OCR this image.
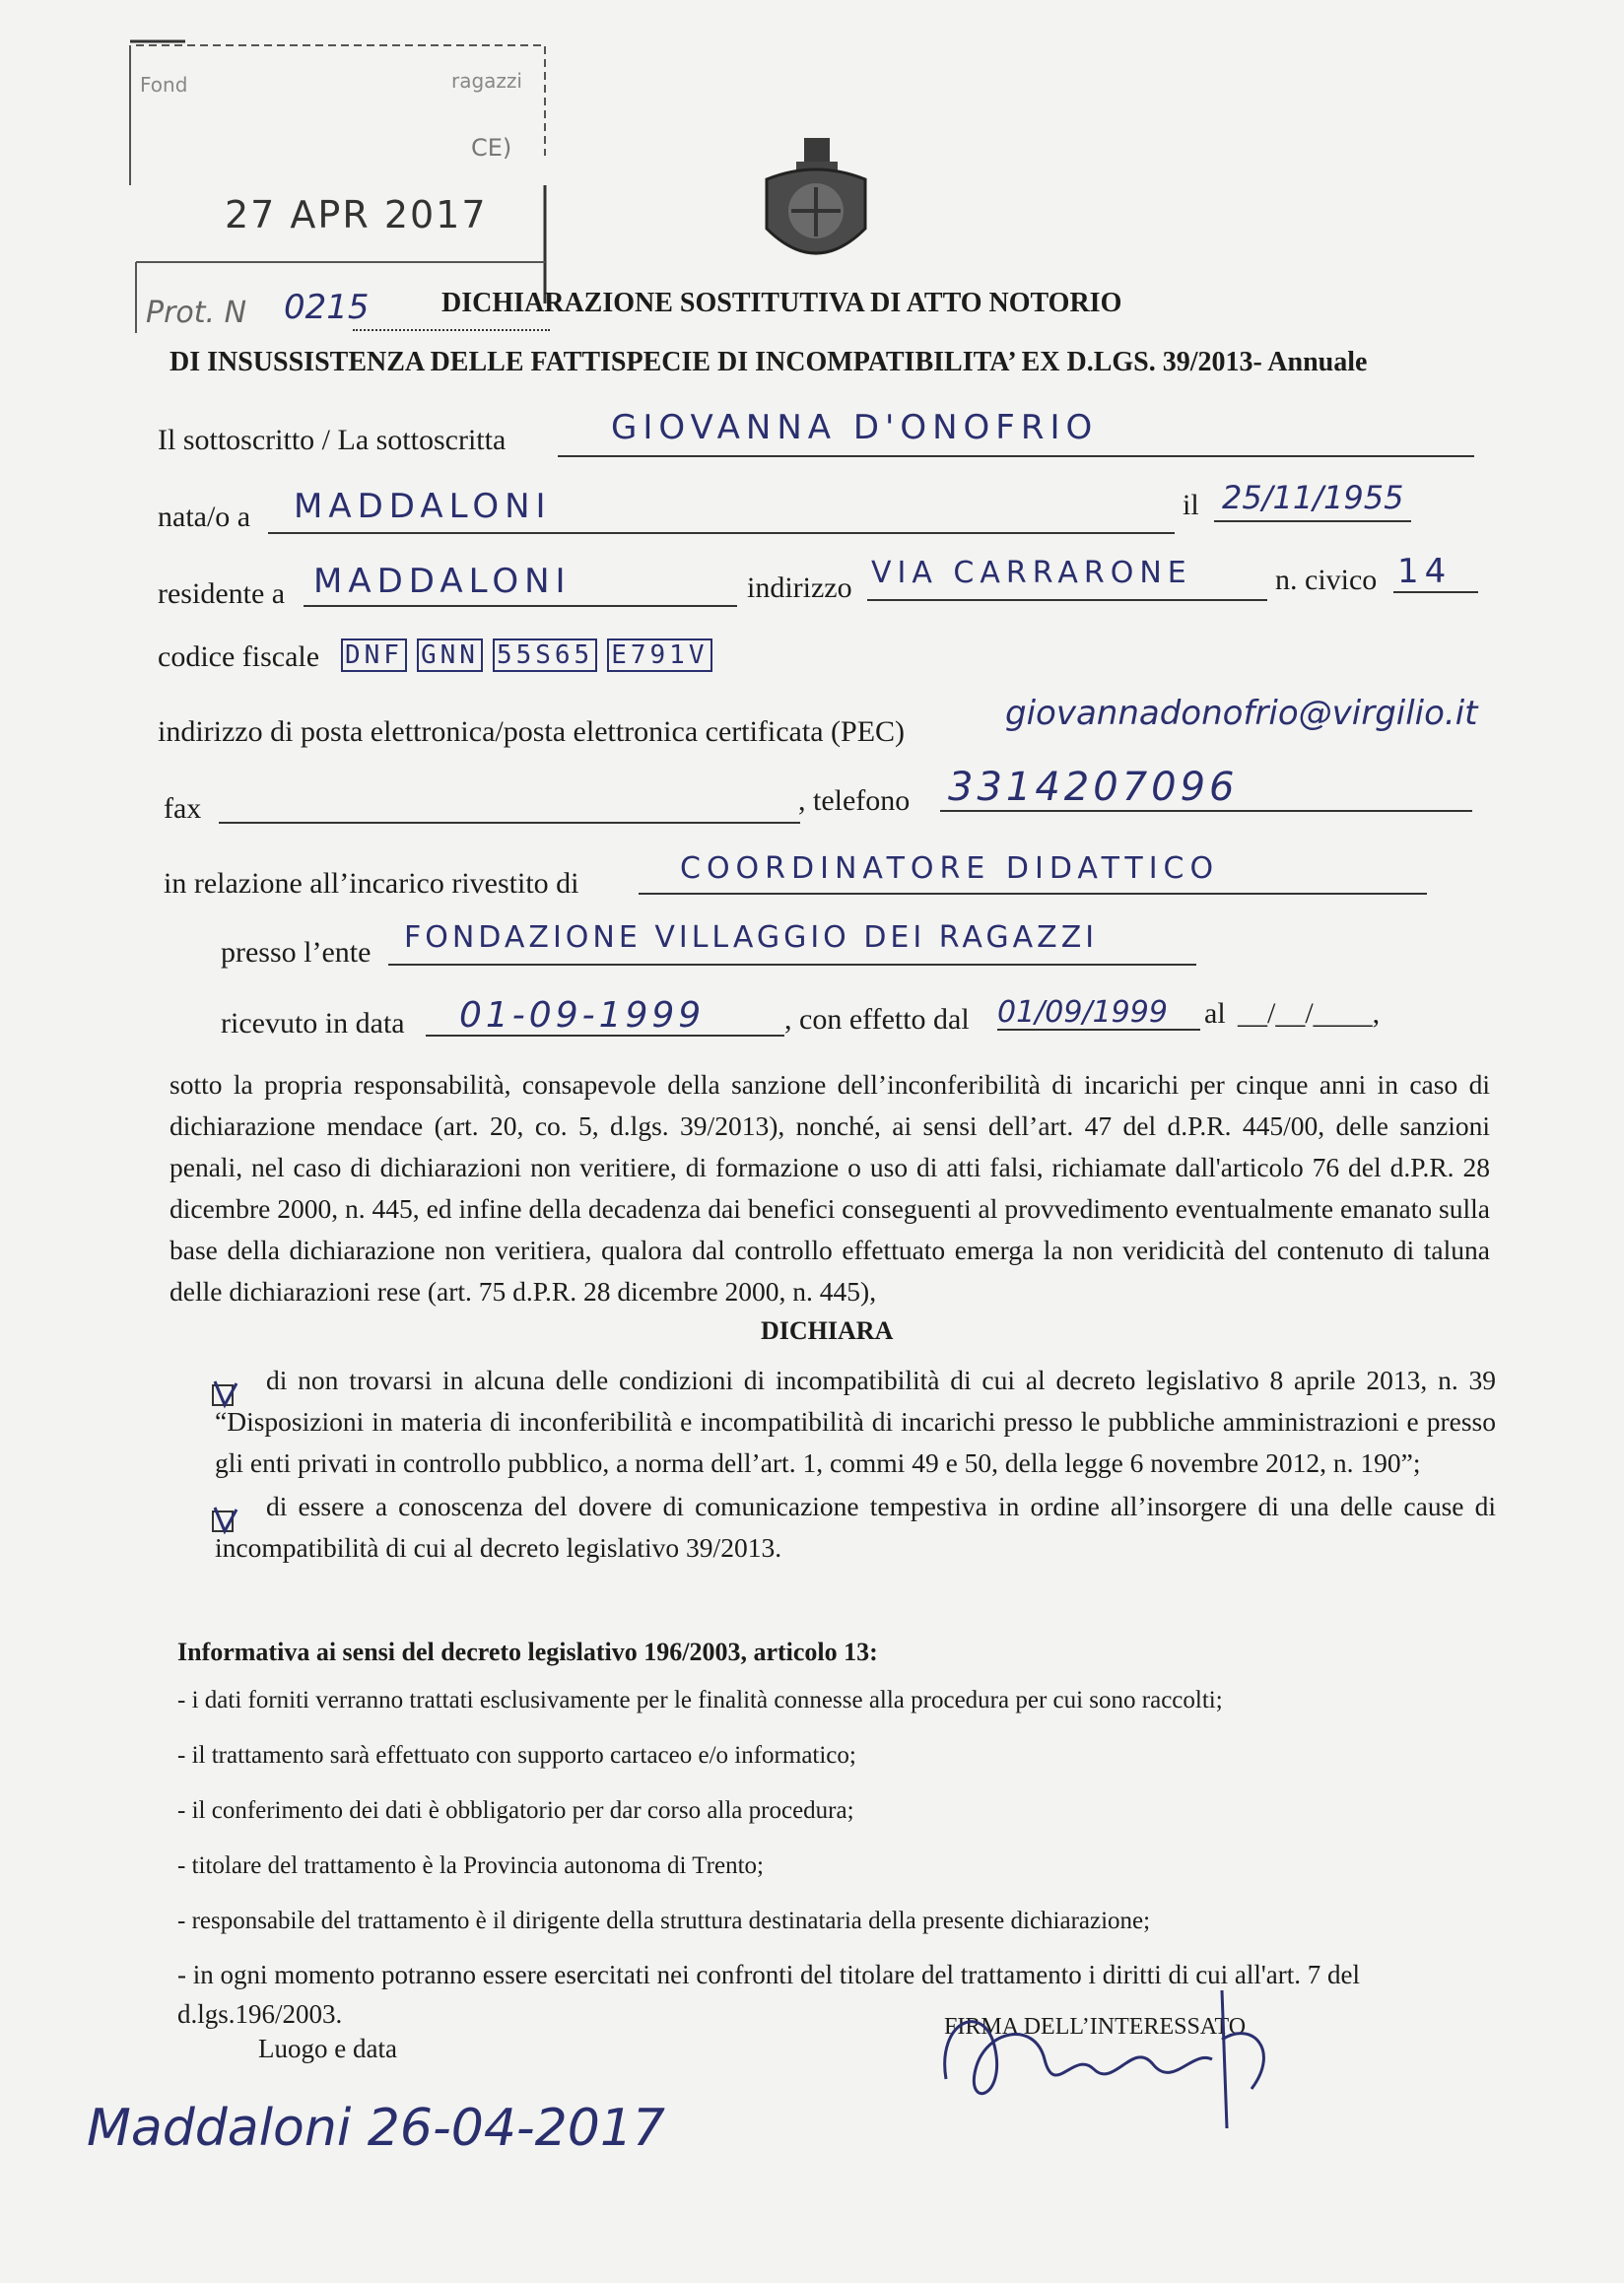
Fond	ragazzi
CE)
27 APR 2017
Prot. N 0215	DICHIARAZIONE SOSTITUTIVA DI ATTO NOTORIO
DI INSUSSISTENZA DELLE FATTISPECIE DI INCOMPATIBILITA’ EX D.LGS. 39/2013- Annuale
Il sottoscritto / La sottoscritta	GIOVANNA D'ONOFRIO
nata/o a MADDALONI	il 25/11/1955
residente a MADDALONI	indirizzo VIA CARRARONE	n. civico 14
codice fiscale DNF GNN 55S65 E791V
indirizzo di posta elettronica/posta elettronica certificata (PEC)	giovannadonofrio@virgilio.it
fax	, telefono 3314207096
in relazione all’incarico rivestito di	COORDINATORE DIDATTICO
presso l’ente FONDAZIONE VILLAGGIO DEI RAGAZZI
ricevuto in data 01-09-1999	, con effetto dal 01/09/1999 al __/__/____,
sotto la propria responsabilità, consapevole della sanzione dell’inconferibilità di incarichi per cinque anni in caso di dichiarazione mendace (art. 20, co. 5, d.lgs. 39/2013), nonché, ai sensi dell’art. 47 del d.P.R. 445/00, delle sanzioni penali, nel caso di dichiarazioni non veritiere, di formazione o uso di atti falsi, richiamate dall'articolo 76 del d.P.R. 28 dicembre 2000, n. 445, ed infine della decadenza dai benefici conseguenti al provvedimento eventualmente emanato sulla base della dichiarazione non veritiera, qualora dal controllo effettuato emerga la non veridicità del contenuto di taluna delle dichiarazioni rese (art. 75 d.P.R. 28 dicembre 2000, n. 445),
DICHIARA
di non trovarsi in alcuna delle condizioni di incompatibilità di cui al decreto legislativo 8 aprile 2013, n. 39 “Disposizioni in materia di inconferibilità e incompatibilità di incarichi presso le pubbliche amministrazioni e presso gli enti privati in controllo pubblico, a norma dell’art. 1, commi 49 e 50, della legge 6 novembre 2012, n. 190”;
di essere a conoscenza del dovere di comunicazione tempestiva in ordine all’insorgere di una delle cause di incompatibilità di cui al decreto legislativo 39/2013.
Informativa ai sensi del decreto legislativo 196/2003, articolo 13:
- i dati forniti verranno trattati esclusivamente per le finalità connesse alla procedura per cui sono raccolti;
- il trattamento sarà effettuato con supporto cartaceo e/o informatico;
- il conferimento dei dati è obbligatorio per dar corso alla procedura;
- titolare del trattamento è la Provincia autonoma di Trento;
- responsabile del trattamento è il dirigente della struttura destinataria della presente dichiarazione;
- in ogni momento potranno essere esercitati nei confronti del titolare del trattamento i diritti di cui all'art. 7 del d.lgs.196/2003.
Luogo e data
Maddaloni 26-04-2017
FIRMA DELL’INTERESSATO
